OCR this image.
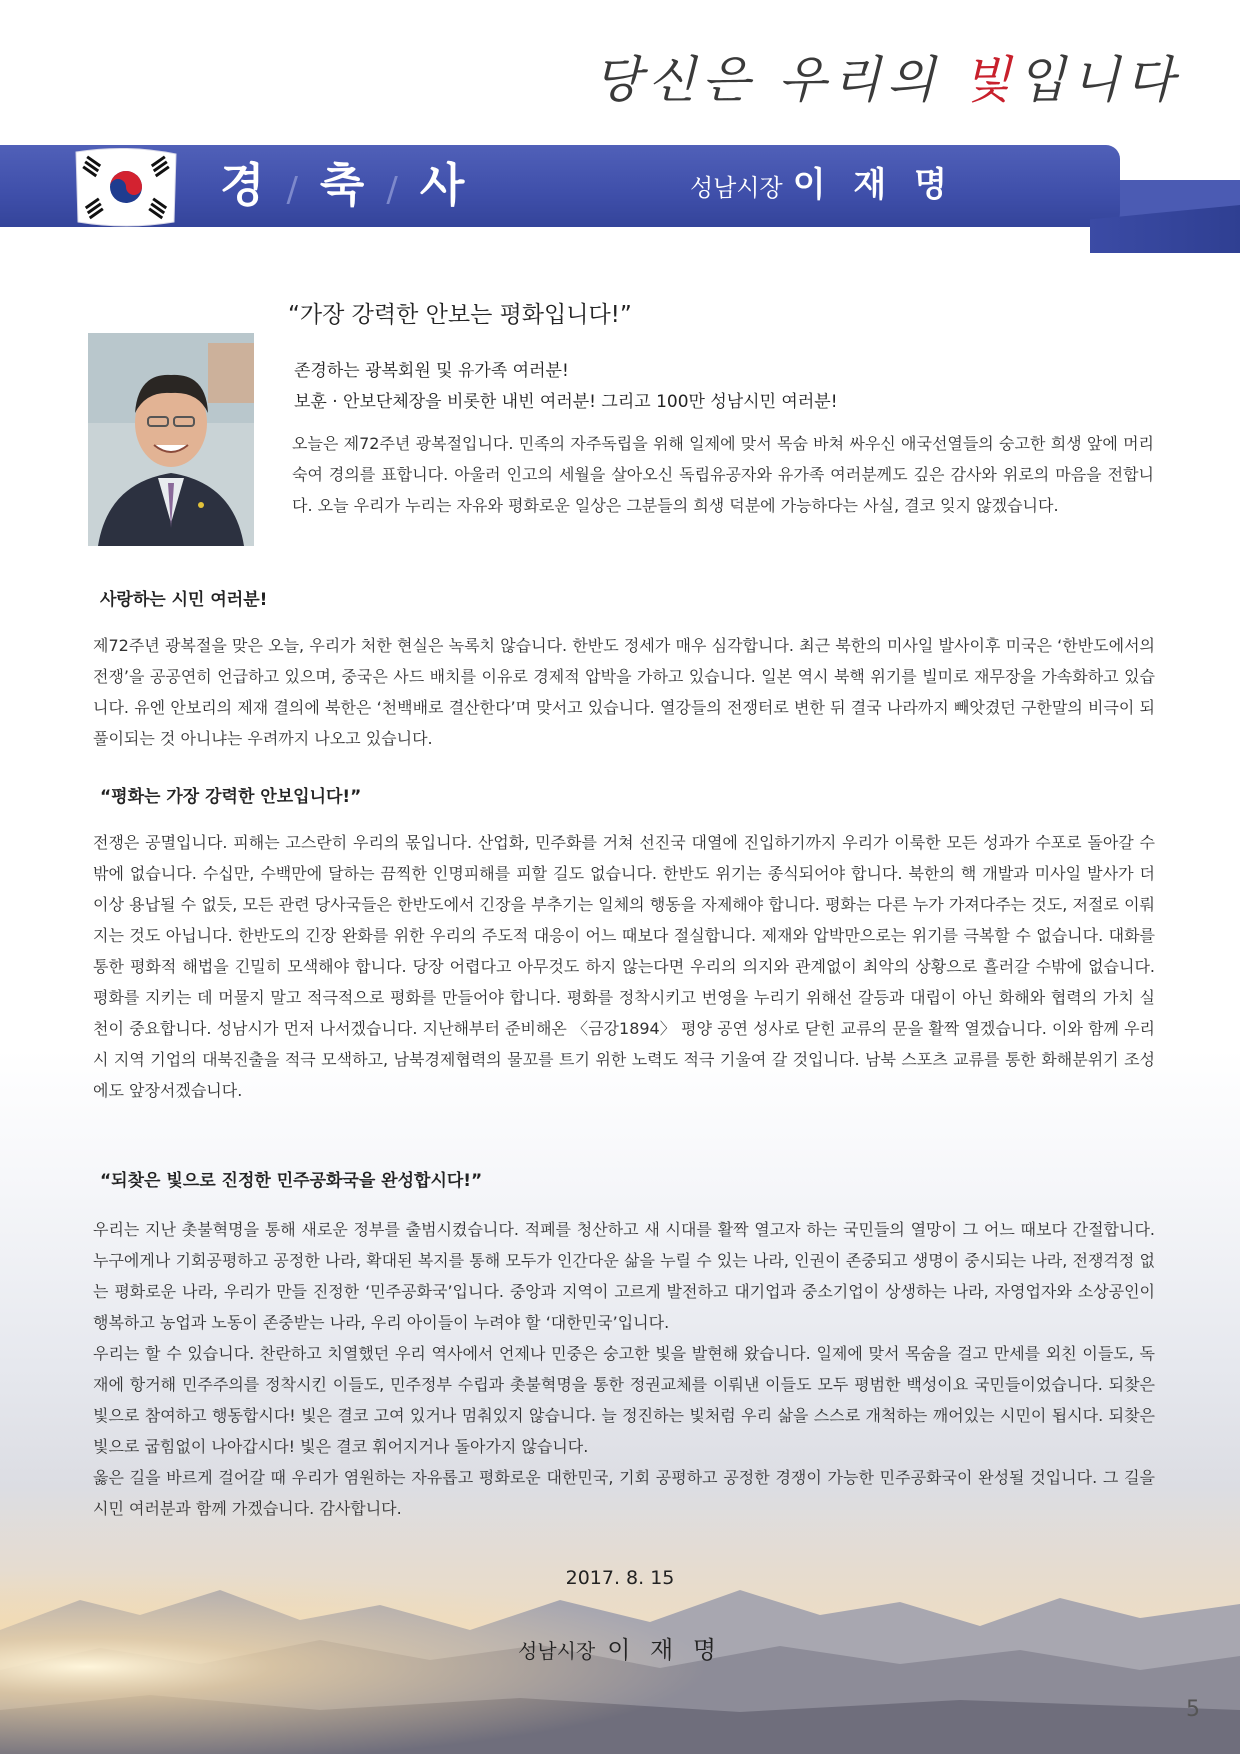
당신은 우리의 빛입니다
경 / 축 / 사	성남시장 이 재 명
“가장 강력한 안보는 평화입니다!”
존경하는 광복회원 및 유가족 여러분!
보훈 · 안보단체장을 비롯한 내빈 여러분! 그리고 100만 성남시민 여러분!

오늘은 제72주년 광복절입니다. 민족의 자주독립을 위해 일제에 맞서 목숨 바쳐 싸우신 애국선열들의 숭고한 희생 앞에 머리 숙여 경의를 표합니다. 아울러 인고의 세월을 살아오신 독립유공자와 유가족 여러분께도 깊은 감사와 위로의 마음을 전합니다. 오늘 우리가 누리는 자유와 평화로운 일상은 그분들의 희생 덕분에 가능하다는 사실, 결코 잊지 않겠습니다.

사랑하는 시민 여러분!

제72주년 광복절을 맞은 오늘, 우리가 처한 현실은 녹록치 않습니다. 한반도 정세가 매우 심각합니다. 최근 북한의 미사일 발사이후 미국은 ‘한반도에서의 전쟁’을 공공연히 언급하고 있으며, 중국은 사드 배치를 이유로 경제적 압박을 가하고 있습니다. 일본 역시 북핵 위기를 빌미로 재무장을 가속화하고 있습니다. 유엔 안보리의 제재 결의에 북한은 ‘천백배로 결산한다’며 맞서고 있습니다. 열강들의 전쟁터로 변한 뒤 결국 나라까지 빼앗겼던 구한말의 비극이 되풀이되는 것 아니냐는 우려까지 나오고 있습니다.

“평화는 가장 강력한 안보입니다!”

전쟁은 공멸입니다. 피해는 고스란히 우리의 몫입니다. 산업화, 민주화를 거쳐 선진국 대열에 진입하기까지 우리가 이룩한 모든 성과가 수포로 돌아갈 수밖에 없습니다. 수십만, 수백만에 달하는 끔찍한 인명피해를 피할 길도 없습니다. 한반도 위기는 종식되어야 합니다. 북한의 핵 개발과 미사일 발사가 더 이상 용납될 수 없듯, 모든 관련 당사국들은 한반도에서 긴장을 부추기는 일체의 행동을 자제해야 합니다. 평화는 다른 누가 가져다주는 것도, 저절로 이뤄지는 것도 아닙니다. 한반도의 긴장 완화를 위한 우리의 주도적 대응이 어느 때보다 절실합니다. 제재와 압박만으로는 위기를 극복할 수 없습니다. 대화를 통한 평화적 해법을 긴밀히 모색해야 합니다. 당장 어렵다고 아무것도 하지 않는다면 우리의 의지와 관계없이 최악의 상황으로 흘러갈 수밖에 없습니다. 평화를 지키는 데 머물지 말고 적극적으로 평화를 만들어야 합니다. 평화를 정착시키고 번영을 누리기 위해선 갈등과 대립이 아닌 화해와 협력의 가치 실천이 중요합니다. 성남시가 먼저 나서겠습니다. 지난해부터 준비해온 〈금강1894〉 평양 공연 성사로 닫힌 교류의 문을 활짝 열겠습니다. 이와 함께 우리 시 지역 기업의 대북진출을 적극 모색하고, 남북경제협력의 물꼬를 트기 위한 노력도 적극 기울여 갈 것입니다. 남북 스포츠 교류를 통한 화해분위기 조성에도 앞장서겠습니다.

“되찾은 빛으로 진정한 민주공화국을 완성합시다!”
우리는 지난 촛불혁명을 통해 새로운 정부를 출범시켰습니다. 적폐를 청산하고 새 시대를 활짝 열고자 하는 국민들의 열망이 그 어느 때보다 간절합니다. 누구에게나 기회공평하고 공정한 나라, 확대된 복지를 통해 모두가 인간다운 삶을 누릴 수 있는 나라, 인권이 존중되고 생명이 중시되는 나라, 전쟁걱정 없는 평화로운 나라, 우리가 만들 진정한 ‘민주공화국’입니다. 중앙과 지역이 고르게 발전하고 대기업과 중소기업이 상생하는 나라, 자영업자와 소상공인이 행복하고 농업과 노동이 존중받는 나라, 우리 아이들이 누려야 할 ‘대한민국’입니다.
우리는 할 수 있습니다. 찬란하고 치열했던 우리 역사에서 언제나 민중은 숭고한 빛을 발현해 왔습니다. 일제에 맞서 목숨을 걸고 만세를 외친 이들도, 독재에 항거해 민주주의를 정착시킨 이들도, 민주정부 수립과 촛불혁명을 통한 정권교체를 이뤄낸 이들도 모두 평범한 백성이요 국민들이었습니다. 되찾은 빛으로 참여하고 행동합시다! 빛은 결코 고여 있거나 멈춰있지 않습니다. 늘 정진하는 빛처럼 우리 삶을 스스로 개척하는 깨어있는 시민이 됩시다. 되찾은 빛으로 굽힘없이 나아갑시다! 빛은 결코 휘어지거나 돌아가지 않습니다.
옳은 길을 바르게 걸어갈 때 우리가 염원하는 자유롭고 평화로운 대한민국, 기회 공평하고 공정한 경쟁이 가능한 민주공화국이 완성될 것입니다. 그 길을 시민 여러분과 함께 가겠습니다. 감사합니다.
2017. 8. 15
성남시장 이 재 명
5
